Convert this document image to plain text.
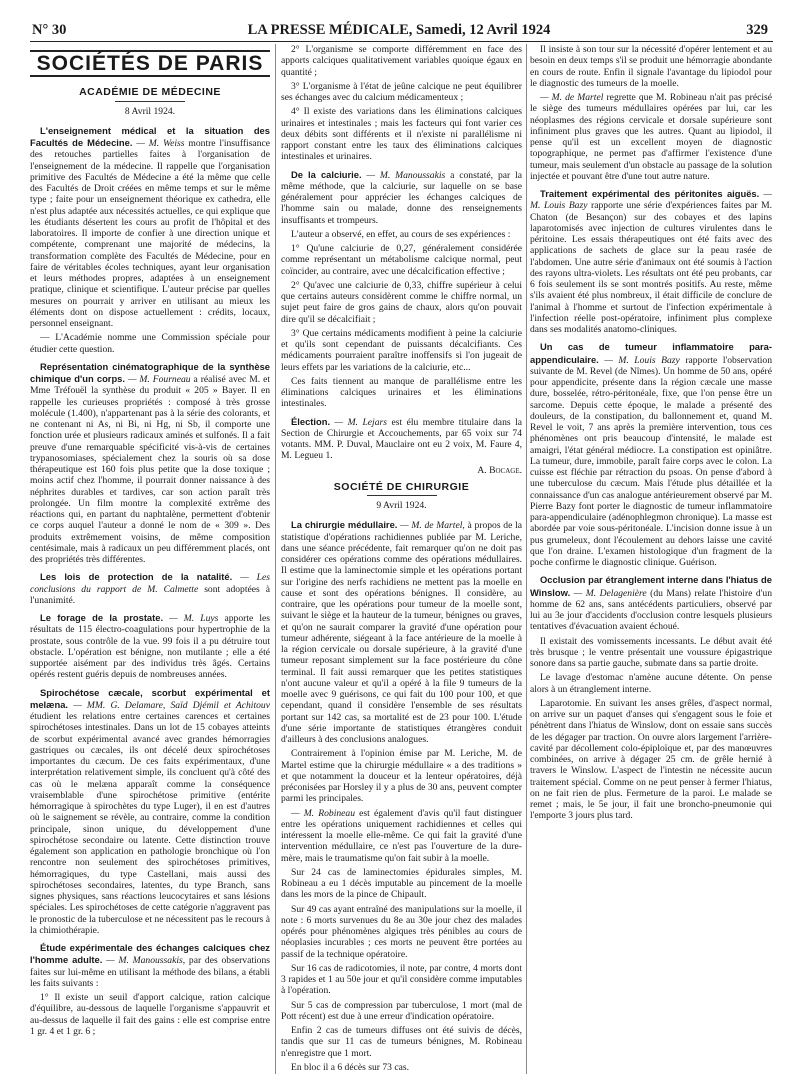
N° 30	LA PRESSE MÉDICALE, Samedi, 12 Avril 1924	329
SOCIÉTÉS DE PARIS
ACADÉMIE DE MÉDECINE
8 Avril 1924.

L'enseignement médical et la situation des Facultés de Médecine. — M. Weiss montre l'insuffisance des retouches partielles faites à l'organisation de l'enseignement de la médecine. Il rappelle que l'organisation primitive des Facultés de Médecine a été la même que celle des Facultés de Droit créées en même temps et sur le même type ; faite pour un enseignement théorique ex cathedra, elle n'est plus adaptée aux nécessités actuelles, ce qui explique que les étudiants désertent les cours au profit de l'hôpital et des laboratoires. Il importe de confier à une direction unique et compétente, comprenant une majorité de médecins, la transformation complète des Facultés de Médecine, pour en faire de véritables écoles techniques, ayant leur organisation et leurs méthodes propres, adaptées à un enseignement pratique, clinique et scientifique. L'auteur précise par quelles mesures on pourrait y arriver en utilisant au mieux les éléments dont on dispose actuellement : crédits, locaux, personnel enseignant.

— L'Académie nomme une Commission spéciale pour étudier cette question.

Représentation cinématographique de la synthèse chimique d'un corps. — M. Fourneau a réalisé avec M. et Mme Tréfouël la synthèse du produit « 205 » Bayer. Il en rappelle les curieuses propriétés : composé à très grosse molécule (1.400), n'appartenant pas à la série des colorants, et ne contenant ni As, ni Bi, ni Hg, ni Sb, il comporte une fonction urée et plusieurs radicaux aminés et sulfonés. Il a fait preuve d'une remarquable spécificité vis-à-vis de certaines trypanosomiases, spécialement chez la souris où sa dose thérapeutique est 160 fois plus petite que la dose toxique ; moins actif chez l'homme, il pourrait donner naissance à des néphrites durables et tardives, car son action paraît très prolongée. Un film montre la complexité extrême des réactions qui, en partant du naphtalène, permettent d'obtenir ce corps auquel l'auteur a donné le nom de « 309 ». Des produits extrêmement voisins, de même composition centésimale, mais à radicaux un peu différemment placés, ont des propriétés très différentes.

Les lois de protection de la natalité. — Les conclusions du rapport de M. Calmette sont adoptées à l'unanimité.

Le forage de la prostate. — M. Luys apporte les résultats de 115 électro-coagulations pour hypertrophie de la prostate, sous contrôle de la vue. 99 fois il a pu détruire tout obstacle. L'opération est bénigne, non mutilante ; elle a été supportée aisément par des individus très âgés. Certains opérés restent guéris depuis de nombreuses années.

Spirochétose cæcale, scorbut expérimental et melæna. — MM. G. Delamare, Saïd Djémil et Achitouv étudient les relations entre certaines carences et certaines spirochétoses intestinales. Dans un lot de 15 cobayes atteints de scorbut expérimental avancé avec grandes hémorragies gastriques ou cæcales, ils ont décelé deux spirochétoses importantes du cæcum. De ces faits expérimentaux, d'une interprétation relativement simple, ils concluent qu'à côté des cas où le melæna apparaît comme la conséquence vraisemblable d'une spirochétose primitive (entérite hémorragique à spirochètes du type Luger), il en est d'autres où le saignement se révèle, au contraire, comme la condition principale, sinon unique, du développement d'une spirochétose secondaire ou latente. Cette distinction trouve également son application en pathologie bronchique où l'on rencontre non seulement des spirochétoses primitives, hémorragiques, du type Castellani, mais aussi des spirochétoses secondaires, latentes, du type Branch, sans signes physiques, sans réactions leucocytaires et sans lésions spéciales. Les spirochétoses de cette catégorie n'aggravent pas le pronostic de la tuberculose et ne nécessitent pas le recours à la chimiothérapie.

Étude expérimentale des échanges calciques chez l'homme adulte. — M. Manoussakis, par des observations faites sur lui-même en utilisant la méthode des bilans, a établi les faits suivants :

1° Il existe un seuil d'apport calcique, ration calcique d'équilibre, au-dessous de laquelle l'organisme s'appauvrit et au-dessus de laquelle il fait des gains : elle est comprise entre 1 gr. 4 et 1 gr. 6 ;

2° L'organisme se comporte différemment en face des apports calciques qualitativement variables quoique égaux en quantité ;

3° L'organisme à l'état de jeûne calcique ne peut équilibrer ses échanges avec du calcium médicamenteux ;

4° Il existe des variations dans les éliminations calciques urinaires et intestinales ; mais les facteurs qui font varier ces deux débits sont différents et il n'existe ni parallélisme ni rapport constant entre les taux des éliminations calciques intestinales et urinaires.

De la calciurie. — M. Manoussakis a constaté, par la même méthode, que la calciurie, sur laquelle on se base généralement pour apprécier les échanges calciques de l'homme sain ou malade, donne des renseignements insuffisants et trompeurs.

L'auteur a observé, en effet, au cours de ses expériences :

1° Qu'une calciurie de 0,27, généralement considérée comme représentant un métabolisme calcique normal, peut coïncider, au contraire, avec une décalcification effective ;

2° Qu'avec une calciurie de 0,33, chiffre supérieur à celui que certains auteurs considèrent comme le chiffre normal, un sujet peut faire de gros gains de chaux, alors qu'on pouvait dire qu'il se décalcifiait ;

3° Que certains médicaments modifient à peine la calciurie et qu'ils sont cependant de puissants décalcifiants. Ces médicaments pourraient paraître inoffensifs si l'on jugeait de leurs effets par les variations de la calciurie, etc...

Ces faits tiennent au manque de parallélisme entre les éliminations calciques urinaires et les éliminations intestinales.

Élection. — M. Lejars est élu membre titulaire dans la Section de Chirurgie et Accouchements, par 65 voix sur 74 votants. MM. P. Duval, Mauclaire ont eu 2 voix, M. Faure 4, M. Legueu 1.

A. Bocage.
SOCIÉTÉ DE CHIRURGIE
9 Avril 1924.

La chirurgie médullaire. — M. de Martel, à propos de la statistique d'opérations rachidiennes publiée par M. Leriche, dans une séance précédente, fait remarquer qu'on ne doit pas considérer ces opérations comme des opérations médullaires. Il estime que la laminectomie simple et les opérations portant sur l'origine des nerfs rachidiens ne mettent pas la moelle en cause et sont des opérations bénignes. Il considère, au contraire, que les opérations pour tumeur de la moelle sont, suivant le siège et la hauteur de la tumeur, bénignes ou graves, et qu'on ne saurait comparer la gravité d'une opération pour tumeur adhérente, siégeant à la face antérieure de la moelle à la région cervicale ou dorsale supérieure, à la gravité d'une tumeur reposant simplement sur la face postérieure du cône terminal. Il fait aussi remarquer que les petites statistiques n'ont aucune valeur et qu'il a opéré à la file 9 tumeurs de la moelle avec 9 guérisons, ce qui fait du 100 pour 100, et que cependant, quand il considère l'ensemble de ses résultats portant sur 142 cas, sa mortalité est de 23 pour 100. L'étude d'une série importante de statistiques étrangères conduit d'ailleurs à des conclusions analogues.

Contrairement à l'opinion émise par M. Leriche, M. de Martel estime que la chirurgie médullaire « a des traditions » et que notamment la douceur et la lenteur opératoires, déjà préconisées par Horsley il y a plus de 30 ans, peuvent compter parmi les principales.

— M. Robineau est également d'avis qu'il faut distinguer entre les opérations uniquement rachidiennes et celles qui intéressent la moelle elle-même. Ce qui fait la gravité d'une intervention médullaire, ce n'est pas l'ouverture de la dure-mère, mais le traumatisme qu'on fait subir à la moelle.

Sur 24 cas de laminectomies épidurales simples, M. Robineau a eu 1 décès imputable au pincement de la moelle dans les mors de la pince de Chipault.

Sur 49 cas ayant entraîné des manipulations sur la moelle, il note : 6 morts survenues du 8e au 30e jour chez des malades opérés pour phénomènes algiques très pénibles au cours de néoplasies incurables ; ces morts ne peuvent être portées au passif de la technique opératoire.

Sur 16 cas de radicotomies, il note, par contre, 4 morts dont 3 rapides et 1 au 50e jour et qu'il considère comme imputables à l'opération.

Sur 5 cas de compression par tuberculose, 1 mort (mal de Pott récent) est due à une erreur d'indication opératoire.

Enfin 2 cas de tumeurs diffuses ont été suivis de décès, tandis que sur 11 cas de tumeurs bénignes, M. Robineau n'enregistre que 1 mort.

En bloc il a 6 décès sur 73 cas.

Il insiste à son tour sur la nécessité d'opérer lentement et au besoin en deux temps s'il se produit une hémorragie abondante en cours de route. Enfin il signale l'avantage du lipiodol pour le diagnostic des tumeurs de la moelle.

— M. de Martel regrette que M. Robineau n'ait pas précisé le siège des tumeurs médullaires opérées par lui, car les néoplasmes des régions cervicale et dorsale supérieure sont infiniment plus graves que les autres. Quant au lipiodol, il pense qu'il est un excellent moyen de diagnostic topographique, ne permet pas d'affirmer l'existence d'une tumeur, mais seulement d'un obstacle au passage de la solution injectée et pouvant être d'une tout autre nature.

Traitement expérimental des péritonites aiguës. — M. Louis Bazy rapporte une série d'expériences faites par M. Chaton (de Besançon) sur des cobayes et des lapins laparotomisés avec injection de cultures virulentes dans le péritoine. Les essais thérapeutiques ont été faits avec des applications de sachets de glace sur la peau rasée de l'abdomen. Une autre série d'animaux ont été soumis à l'action des rayons ultra-violets. Les résultats ont été peu probants, car 6 fois seulement ils se sont montrés positifs. Au reste, même s'ils avaient été plus nombreux, il était difficile de conclure de l'animal à l'homme et surtout de l'infection expérimentale à l'infection réelle post-opératoire, infiniment plus complexe dans ses modalités anatomo-cliniques.

Un cas de tumeur inflammatoire para-appendiculaire. — M. Louis Bazy rapporte l'observation suivante de M. Revel (de Nîmes). Un homme de 50 ans, opéré pour appendicite, présente dans la région cæcale une masse dure, bosselée, rétro-péritonéale, fixe, que l'on pense être un sarcome. Depuis cette époque, le malade a présenté des douleurs, de la constipation, du ballonnement et, quand M. Revel le voit, 7 ans après la première intervention, tous ces phénomènes ont pris beaucoup d'intensité, le malade est amaigri, l'état général médiocre. La constipation est opiniâtre. La tumeur, dure, immobile, paraît faire corps avec le colon. La cuisse est fléchie par rétraction du psoas. On pense d'abord à une tuberculose du cæcum. Mais l'étude plus détaillée et la connaissance d'un cas analogue antérieurement observé par M. Pierre Bazy font porter le diagnostic de tumeur inflammatoire para-appendiculaire (adénophlegmon chronique). La masse est abordée par voie sous-péritonéale. L'incision donne issue à un pus grumeleux, dont l'écoulement au dehors laisse une cavité que l'on draine. L'examen histologique d'un fragment de la poche confirme le diagnostic clinique. Guérison.

Occlusion par étranglement interne dans l'hiatus de Winslow. — M. Delagenière (du Mans) relate l'histoire d'un homme de 62 ans, sans antécédents particuliers, observé par lui au 3e jour d'accidents d'occlusion contre lesquels plusieurs tentatives d'évacuation avaient échoué.

Il existait des vomissements incessants. Le début avait été très brusque ; le ventre présentait une voussure épigastrique sonore dans sa partie gauche, submate dans sa partie droite.

Le lavage d'estomac n'amène aucune détente. On pense alors à un étranglement interne.

Laparotomie. En suivant les anses grêles, d'aspect normal, on arrive sur un paquet d'anses qui s'engagent sous le foie et pénètrent dans l'hiatus de Winslow, dont on essaie sans succès de les dégager par traction. On ouvre alors largement l'arrière-cavité par décollement colo-épiploïque et, par des manœuvres combinées, on arrive à dégager 25 cm. de grêle hernié à travers le Winslow. L'aspect de l'intestin ne nécessite aucun traitement spécial. Comme on ne peut penser à fermer l'hiatus, on ne fait rien de plus. Fermeture de la paroi. Le malade se remet ; mais, le 5e jour, il fait une broncho-pneumonie qui l'emporte 3 jours plus tard.
